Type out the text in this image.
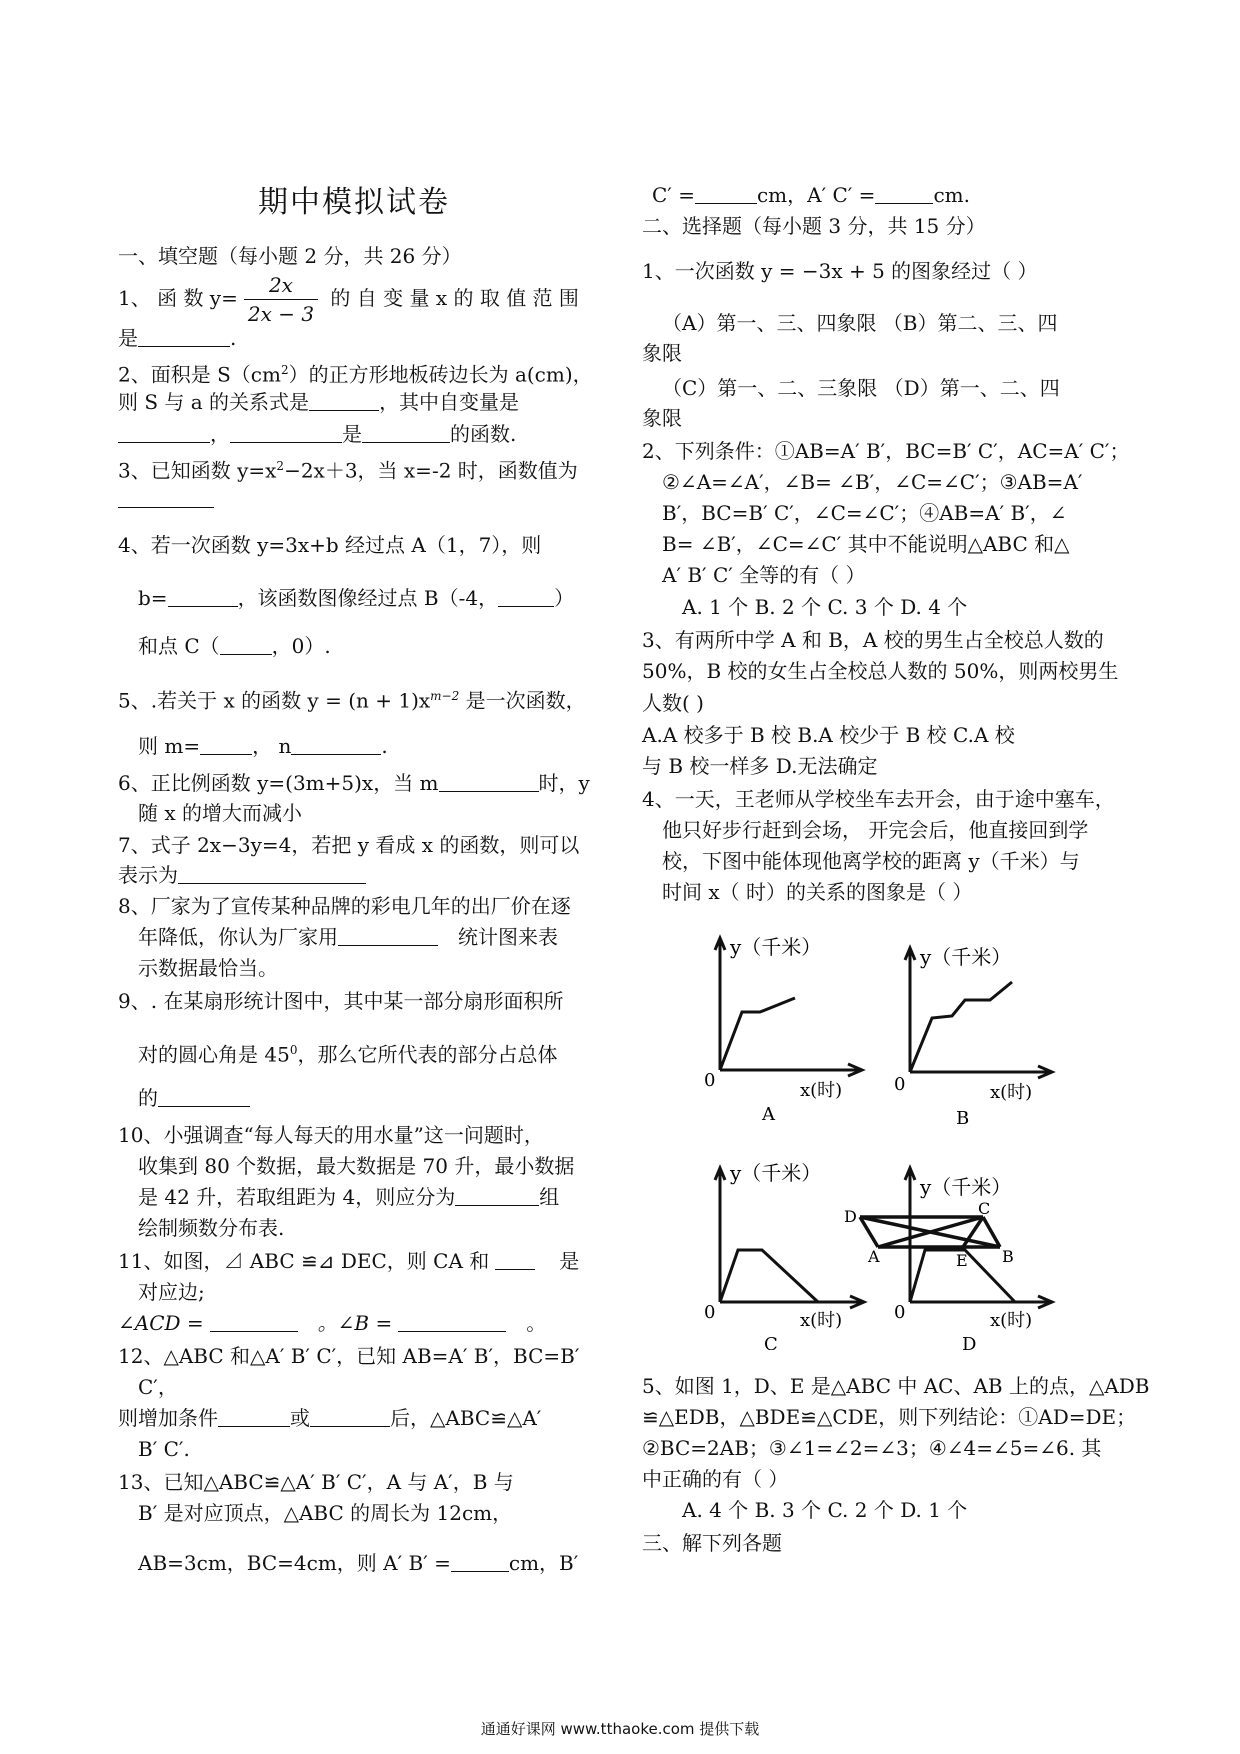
期中模拟试卷
一、填空题（每小题 2 分，共 26 分）
1、 函 数 $y= \frac{2x}{2x - 3}$ 的 自 变 量 x 的 取 值 范 围
是	.
2、面积是 $S(cm^2)$的正方形地板砖边长为 a(cm)，
则 S 与 a 的关系式是	，其中自变量是
，	是	的函数.
3、已知函数 $y=x^2-2x+3$，当 x=-2 时，函数值为
4、若一次函数 y=3x+b 经过点 A（1，7），则
b=	，该函数图像经过点 B（-4，	）
和点 C（	，0）.
5、.若关于 x 的函数 $y = (n + 1)x^{m-2}$ 是一次函数，
则 m=	， n	.
6、正比例函数 y=(3m+5)x，当 m	时，y
随 x 的增大而减小
7、式子 2x−3y=4，若把 y 看成 x 的函数，则可以
表示为
8、厂家为了宣传某种品牌的彩电几年的出厂价在逐
年降低，你认为厂家用	统计图来表
示数据最恰当。
9、. 在某扇形统计图中，其中某一部分扇形面积所
对的圆心角是 $45^0$，那么它所代表的部分占总体
的
10、小强调查“每人每天的用水量”这一问题时，
收集到 80 个数据，最大数据是 70 升，最小数据
是 42 升，若取组距为 4，则应分为	组
绘制频数分布表.
11、如图，⊿ ABC ≌⊿ DEC，则 CA 和	是
对应边;
∠ACD =	。∠B =	。
12、△ABC 和△A′ B′ C′，已知 AB=A′ B′，BC=B′
C′，
则增加条件	或	后，△ABC≌△A′
B′ C′.
13、已知△ABC≌△A′ B′ C′，A 与 A′，B 与
B′ 是对应顶点，△ABC 的周长为 12cm，
AB=3cm，BC=4cm，则 A′ B′ =	cm，B′
C′ =	cm，A′ C′ =	cm.
二、选择题（每小题 3 分，共 15 分）
1、一次函数 y = −3x + 5 的图象经过（ ）
（A）第一、三、四象限 （B）第二、三、四
象限
（C）第一、二、三象限 （D）第一、二、四
象限
2、下列条件：①AB=A′ B′，BC=B′ C′，AC=A′ C′；
②∠A=∠A′，∠B= ∠B′，∠C=∠C′；③AB=A′
B′，BC=B′ C′，∠C=∠C′；④AB=A′ B′，∠
B= ∠B′，∠C=∠C′ 其中不能说明△ABC 和△
A′ B′ C′ 全等的有（ ）
A. 1 个 B. 2 个 C. 3 个 D. 4 个
3、有两所中学 A 和 B，A 校的男生占全校总人数的
50%，B 校的女生占全校总人数的 50%，则两校男生
人数( )
A.A 校多于 B 校 B.A 校少于 B 校 C.A 校
与 B 校一样多 D.无法确定
4、一天，王老师从学校坐车去开会，由于途中塞车，
他只好步行赶到会场， 开完会后，他直接回到学
校，下图中能体现他离学校的距离 y（千米）与
时间 x（ 时）的关系的图象是（ ）
5、如图 1，D、E 是△ABC 中 AC、AB 上的点，△ADB
≌△EDB，△BDE≌△CDE，则下列结论：①AD=DE；
②BC=2AB；③∠1=∠2=∠3；④∠4=∠5=∠6. 其
中正确的有（ ）
A. 4 个 B. 3 个 C. 2 个 D. 1 个
三、解下列各题
y（千米）
0	x(时)
A
y（千米）
0	x(时)
B
y（千米）
0	x(时)
C
A	B
C
D
E
y（千米）
0	x(时)
D
通通好课网 www.tthaoke.com 提供下载
